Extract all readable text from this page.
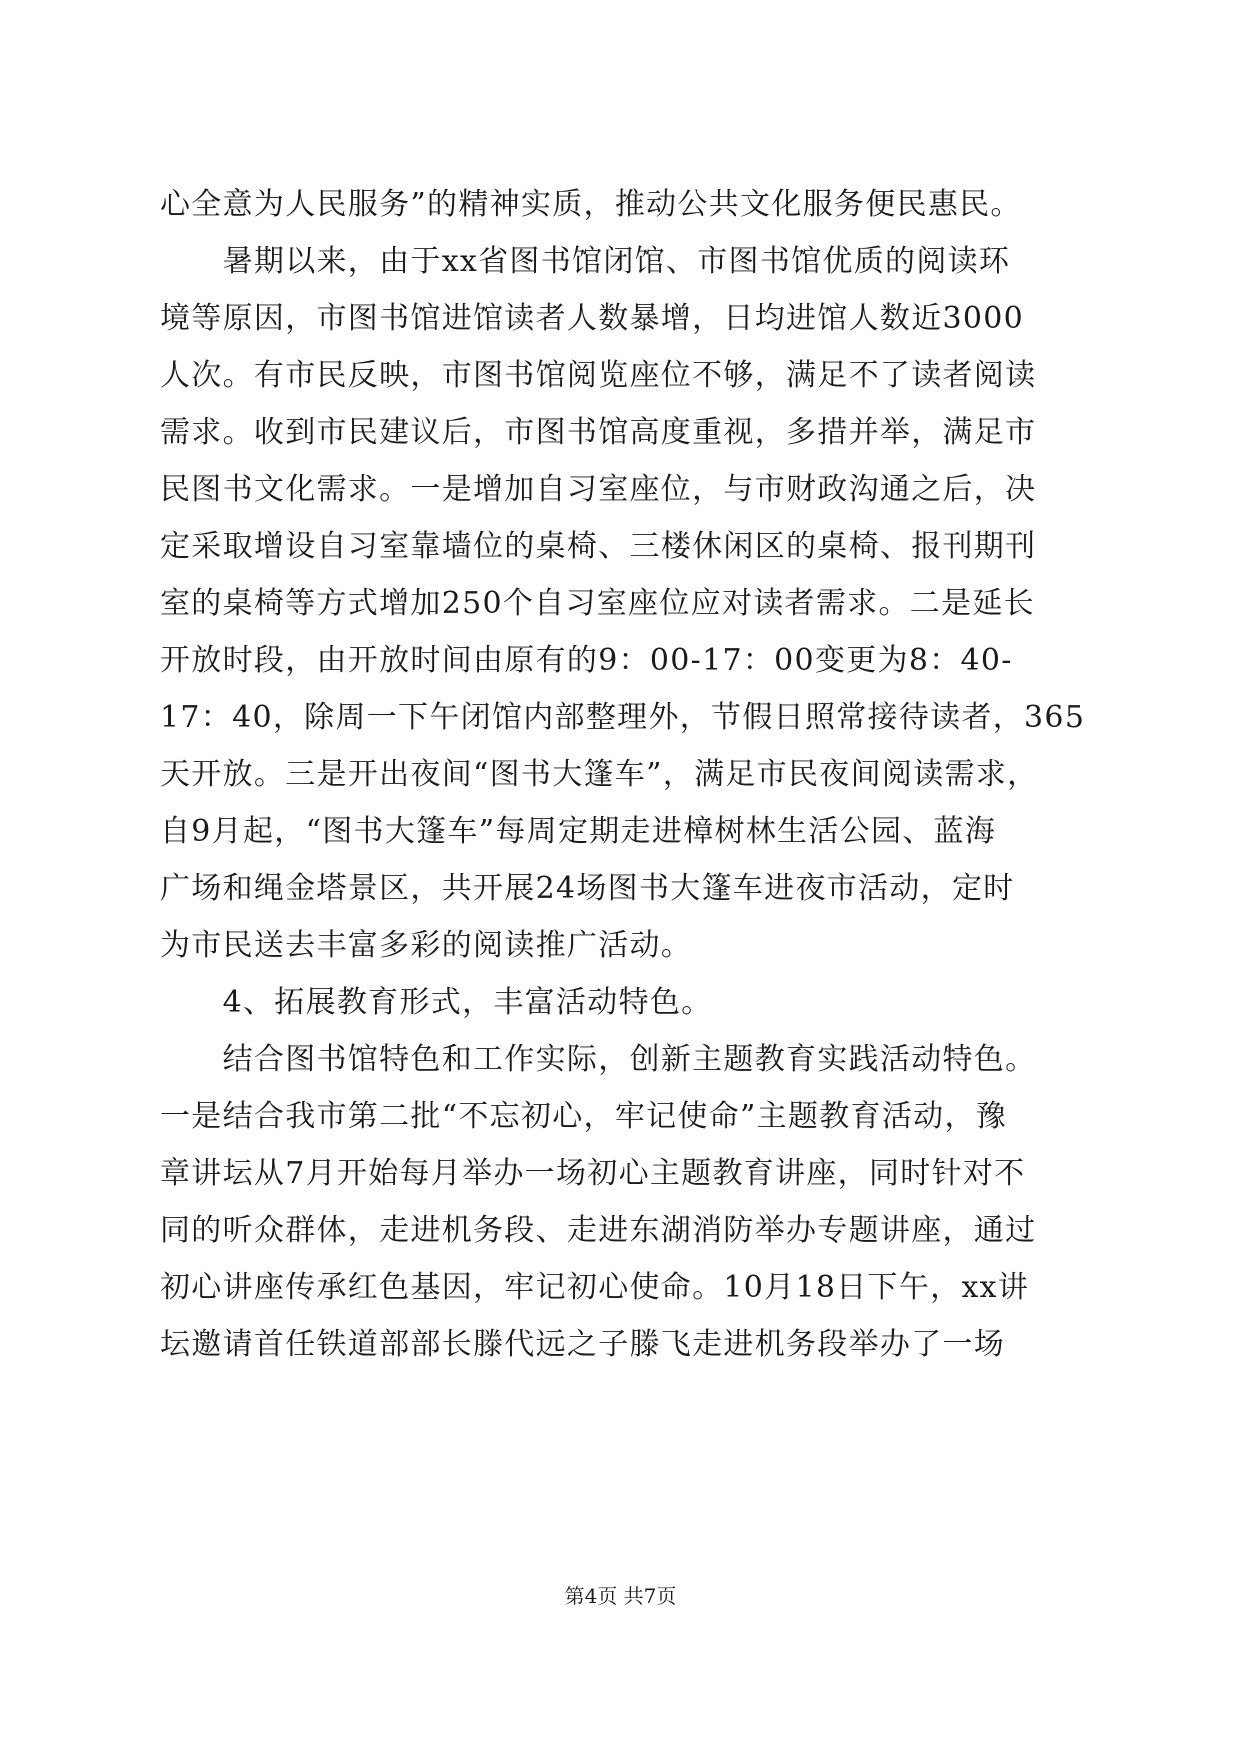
心全意为人民服务”的精神实质，推动公共文化服务便民惠民。
　　暑期以来，由于xx省图书馆闭馆、市图书馆优质的阅读环
境等原因，市图书馆进馆读者人数暴增，日均进馆人数近3000
人次。有市民反映，市图书馆阅览座位不够，满足不了读者阅读
需求。收到市民建议后，市图书馆高度重视，多措并举，满足市
民图书文化需求。一是增加自习室座位，与市财政沟通之后，决
定采取增设自习室靠墙位的桌椅、三楼休闲区的桌椅、报刊期刊
室的桌椅等方式增加250个自习室座位应对读者需求。二是延长
开放时段，由开放时间由原有的9：00-17：00变更为8：40-
17：40，除周一下午闭馆内部整理外，节假日照常接待读者，365
天开放。三是开出夜间“图书大篷车”，满足市民夜间阅读需求，
自9月起，“图书大篷车”每周定期走进樟树林生活公园、蓝海
广场和绳金塔景区，共开展24场图书大篷车进夜市活动，定时
为市民送去丰富多彩的阅读推广活动。
　　4、拓展教育形式，丰富活动特色。
　　结合图书馆特色和工作实际，创新主题教育实践活动特色。
一是结合我市第二批“不忘初心，牢记使命”主题教育活动，豫
章讲坛从7月开始每月举办一场初心主题教育讲座，同时针对不
同的听众群体，走进机务段、走进东湖消防举办专题讲座，通过
初心讲座传承红色基因，牢记初心使命。10月18日下午，xx讲
坛邀请首任铁道部部长滕代远之子滕飞走进机务段举办了一场
第4页 共7页
